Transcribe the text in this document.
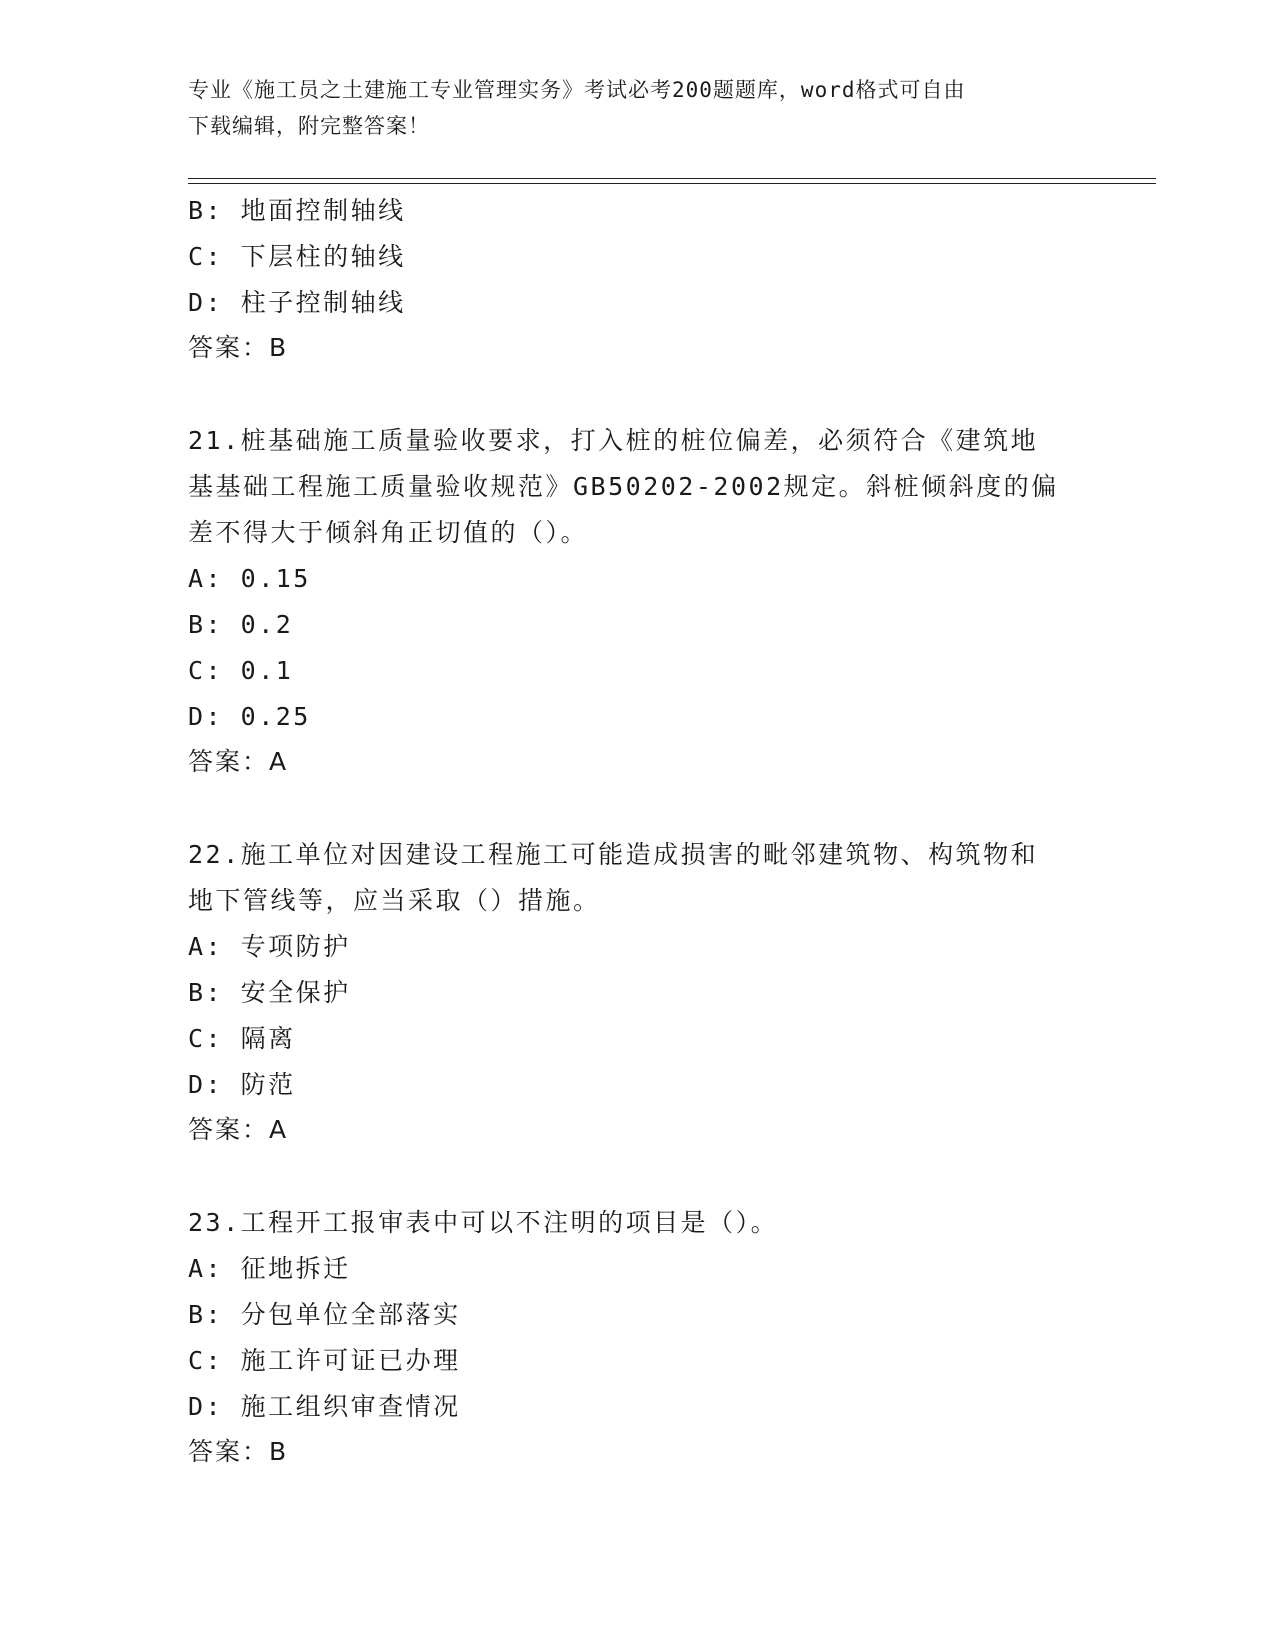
专业《施工员之土建施工专业管理实务》考试必考200题题库，word格式可自由
下载编辑，附完整答案！
B: 地面控制轴线
C: 下层柱的轴线
D: 柱子控制轴线
答案：B
21.桩基础施工质量验收要求，打入桩的桩位偏差，必须符合《建筑地
基基础工程施工质量验收规范》GB50202-2002规定。斜桩倾斜度的偏
差不得大于倾斜角正切值的（）。
A: 0.15
B: 0.2
C: 0.1
D: 0.25
答案：A
22.施工单位对因建设工程施工可能造成损害的毗邻建筑物、构筑物和
地下管线等，应当采取（）措施。
A: 专项防护
B: 安全保护
C: 隔离
D: 防范
答案：A
23.工程开工报审表中可以不注明的项目是（）。
A: 征地拆迁
B: 分包单位全部落实
C: 施工许可证已办理
D: 施工组织审查情况
答案：B
